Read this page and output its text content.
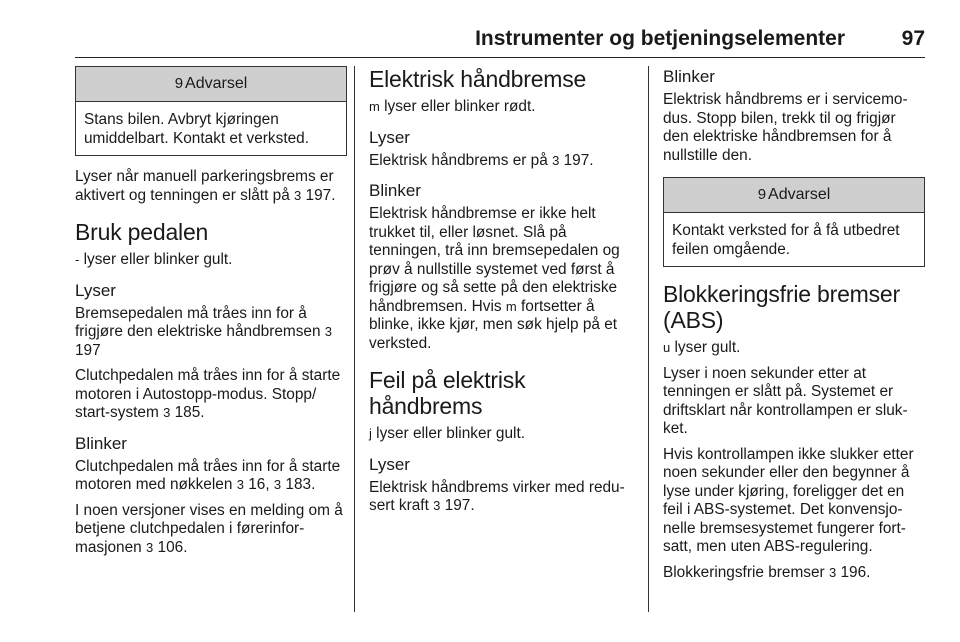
Instrumenter og betjeningselementer	97
9 Advarsel
Stans bilen. Avbryt kjøringen umiddelbart. Kontakt et verksted.

Lyser når manuell parkeringsbrems er aktivert og tenningen er slått på 3 197.

Bruk pedalen

- lyser eller blinker gult.

Lyser

Bremsepedalen må tråes inn for å frigjøre den elektriske håndbremsen 3 197

Clutchpedalen må tråes inn for å starte motoren i Autostopp-modus. Stopp/ start-system 3 185.

Blinker

Clutchpedalen må tråes inn for å starte motoren med nøkkelen 3 16, 3 183.

I noen versjoner vises en melding om å betjene clutchpedalen i førerinfor- masjonen 3 106.

Elektrisk håndbremse

m lyser eller blinker rødt.

Lyser

Elektrisk håndbrems er på 3 197.

Blinker

Elektrisk håndbremse er ikke helt trukket til, eller løsnet. Slå på tenningen, trå inn bremsepedalen og prøv å nullstille systemet ved først å frigjøre og så sette på den elektriske håndbremsen. Hvis m fortsetter å blinke, ikke kjør, men søk hjelp på et verksted.

Feil på elektrisk håndbrems

j lyser eller blinker gult.

Lyser

Elektrisk håndbrems virker med redu- sert kraft 3 197.

Blinker

Elektrisk håndbrems er i servicemo- dus. Stopp bilen, trekk til og frigjør den elektriske håndbremsen for å nullstille den.

9 Advarsel
Kontakt verksted for å få utbedret feilen omgående.
Blokkeringsfrie bremser (ABS)

u lyser gult.

Lyser i noen sekunder etter at tenningen er slått på. Systemet er driftsklart når kontrollampen er sluk- ket.

Hvis kontrollampen ikke slukker etter noen sekunder eller den begynner å lyse under kjøring, foreligger det en feil i ABS-systemet. Det konvensjo- nelle bremsesystemet fungerer fort- satt, men uten ABS-regulering.

Blokkeringsfrie bremser 3 196.
